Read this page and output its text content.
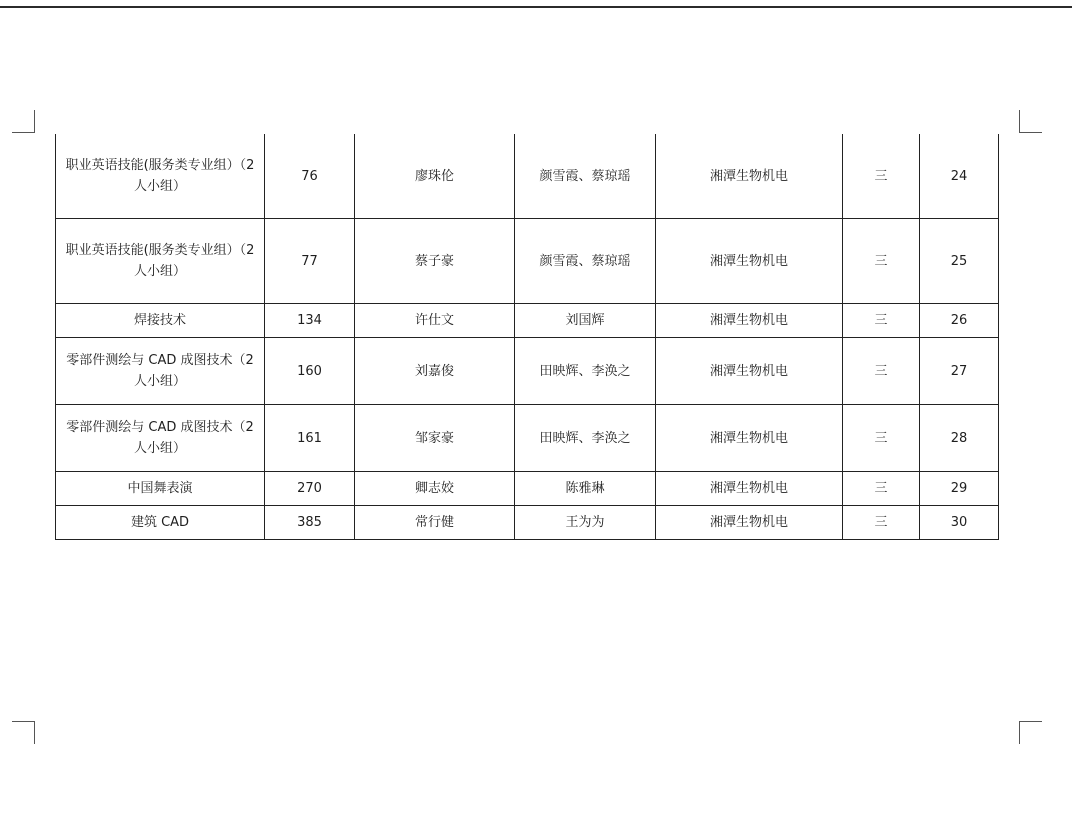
职业英语技能(服务类专业组）（2 人小组）	76	廖珠伦	颜雪霞、蔡琼瑶	湘潭生物机电	三	24
职业英语技能(服务类专业组）（2 人小组）	77	蔡子豪	颜雪霞、蔡琼瑶	湘潭生物机电	三	25
焊接技术	134	许仕文	刘国辉	湘潭生物机电	三	26
零部件测绘与 CAD 成图技术（2 人小组）	160	刘嘉俊	田映辉、李涣之	湘潭生物机电	三	27
零部件测绘与 CAD 成图技术（2 人小组）	161	邹家豪	田映辉、李涣之	湘潭生物机电	三	28
中国舞表演	270	卿志姣	陈雅琳	湘潭生物机电	三	29
建筑 CAD	385	常行健	王为为	湘潭生物机电	三	30
